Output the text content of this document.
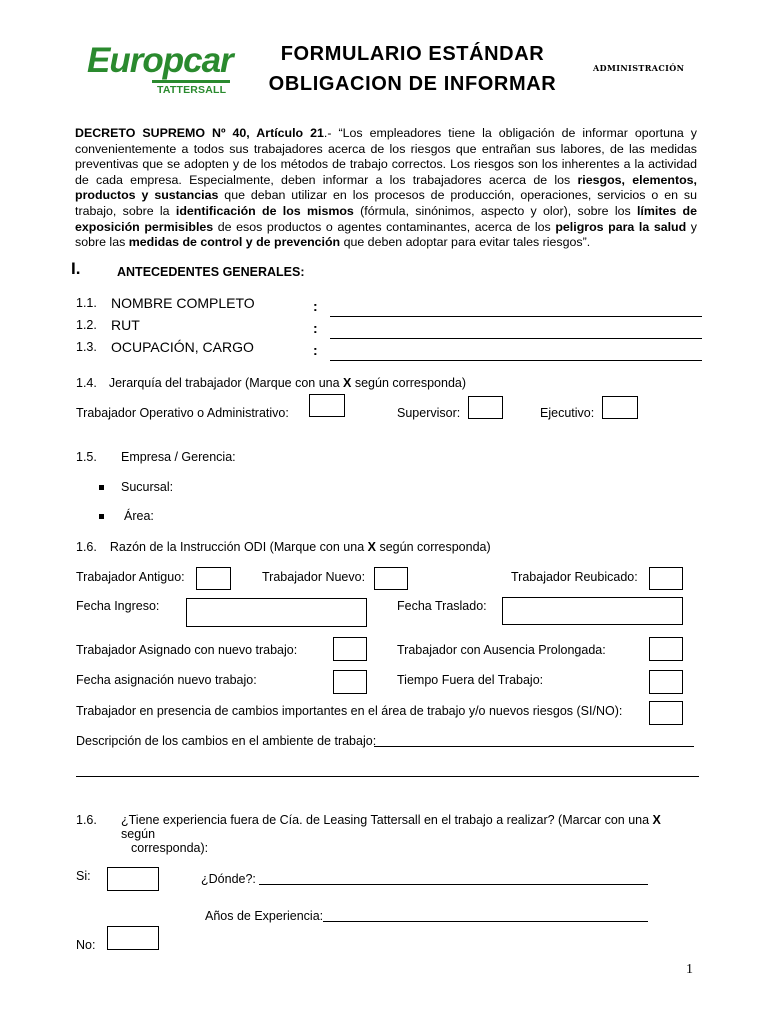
Europcar
TATTERSALL
FORMULARIO ESTÁNDAR
OBLIGACION DE INFORMAR
ADMINISTRACIÓN
DECRETO SUPREMO Nº 40, Artículo 21.- “Los empleadores tiene la obligación de informar oportuna y convenientemente a todos sus trabajadores acerca de los riesgos que entrañan sus labores, de las medidas preventivas que se adopten y de los métodos de trabajo correctos. Los riesgos son los inherentes a la actividad de cada empresa. Especialmente, deben informar a los trabajadores acerca de los riesgos, elementos, productos y sustancias que deban utilizar en los procesos de producción, operaciones, servicios o en su trabajo, sobre la identificación de los mismos (fórmula, sinónimos, aspecto y olor), sobre los límites de exposición permisibles de esos productos o agentes contaminantes, acerca de los peligros para la salud y sobre las medidas de control y de prevención que deben adoptar para evitar tales riesgos”.
I.	ANTECEDENTES GENERALES:
1.1. NOMBRE COMPLETO	:
1.2. RUT	:
1.3. OCUPACIÓN, CARGO	:
1.4. Jerarquía del trabajador (Marque con una X según corresponda)
Trabajador Operativo o Administrativo:	Supervisor:	Ejecutivo:
1.5. Empresa / Gerencia:
Sucursal:
Área:
1.6. Razón de la Instrucción ODI (Marque con una X según corresponda)
Trabajador Antiguo:	Trabajador Nuevo:	Trabajador Reubicado:
Fecha Ingreso:	Fecha Traslado:
Trabajador Asignado con nuevo trabajo:	Trabajador con Ausencia Prolongada:
Fecha asignación nuevo trabajo:	Tiempo Fuera del Trabajo:
Trabajador en presencia de cambios importantes en el área de trabajo y/o nuevos riesgos (SI/NO):
Descripción de los cambios en el ambiente de trabajo:
1.6. ¿Tiene experiencia fuera de Cía. de Leasing Tattersall en el trabajo a realizar? (Marcar con una X
según
corresponda):
Si:	¿Dónde?:
Años de Experiencia:
No:
1
